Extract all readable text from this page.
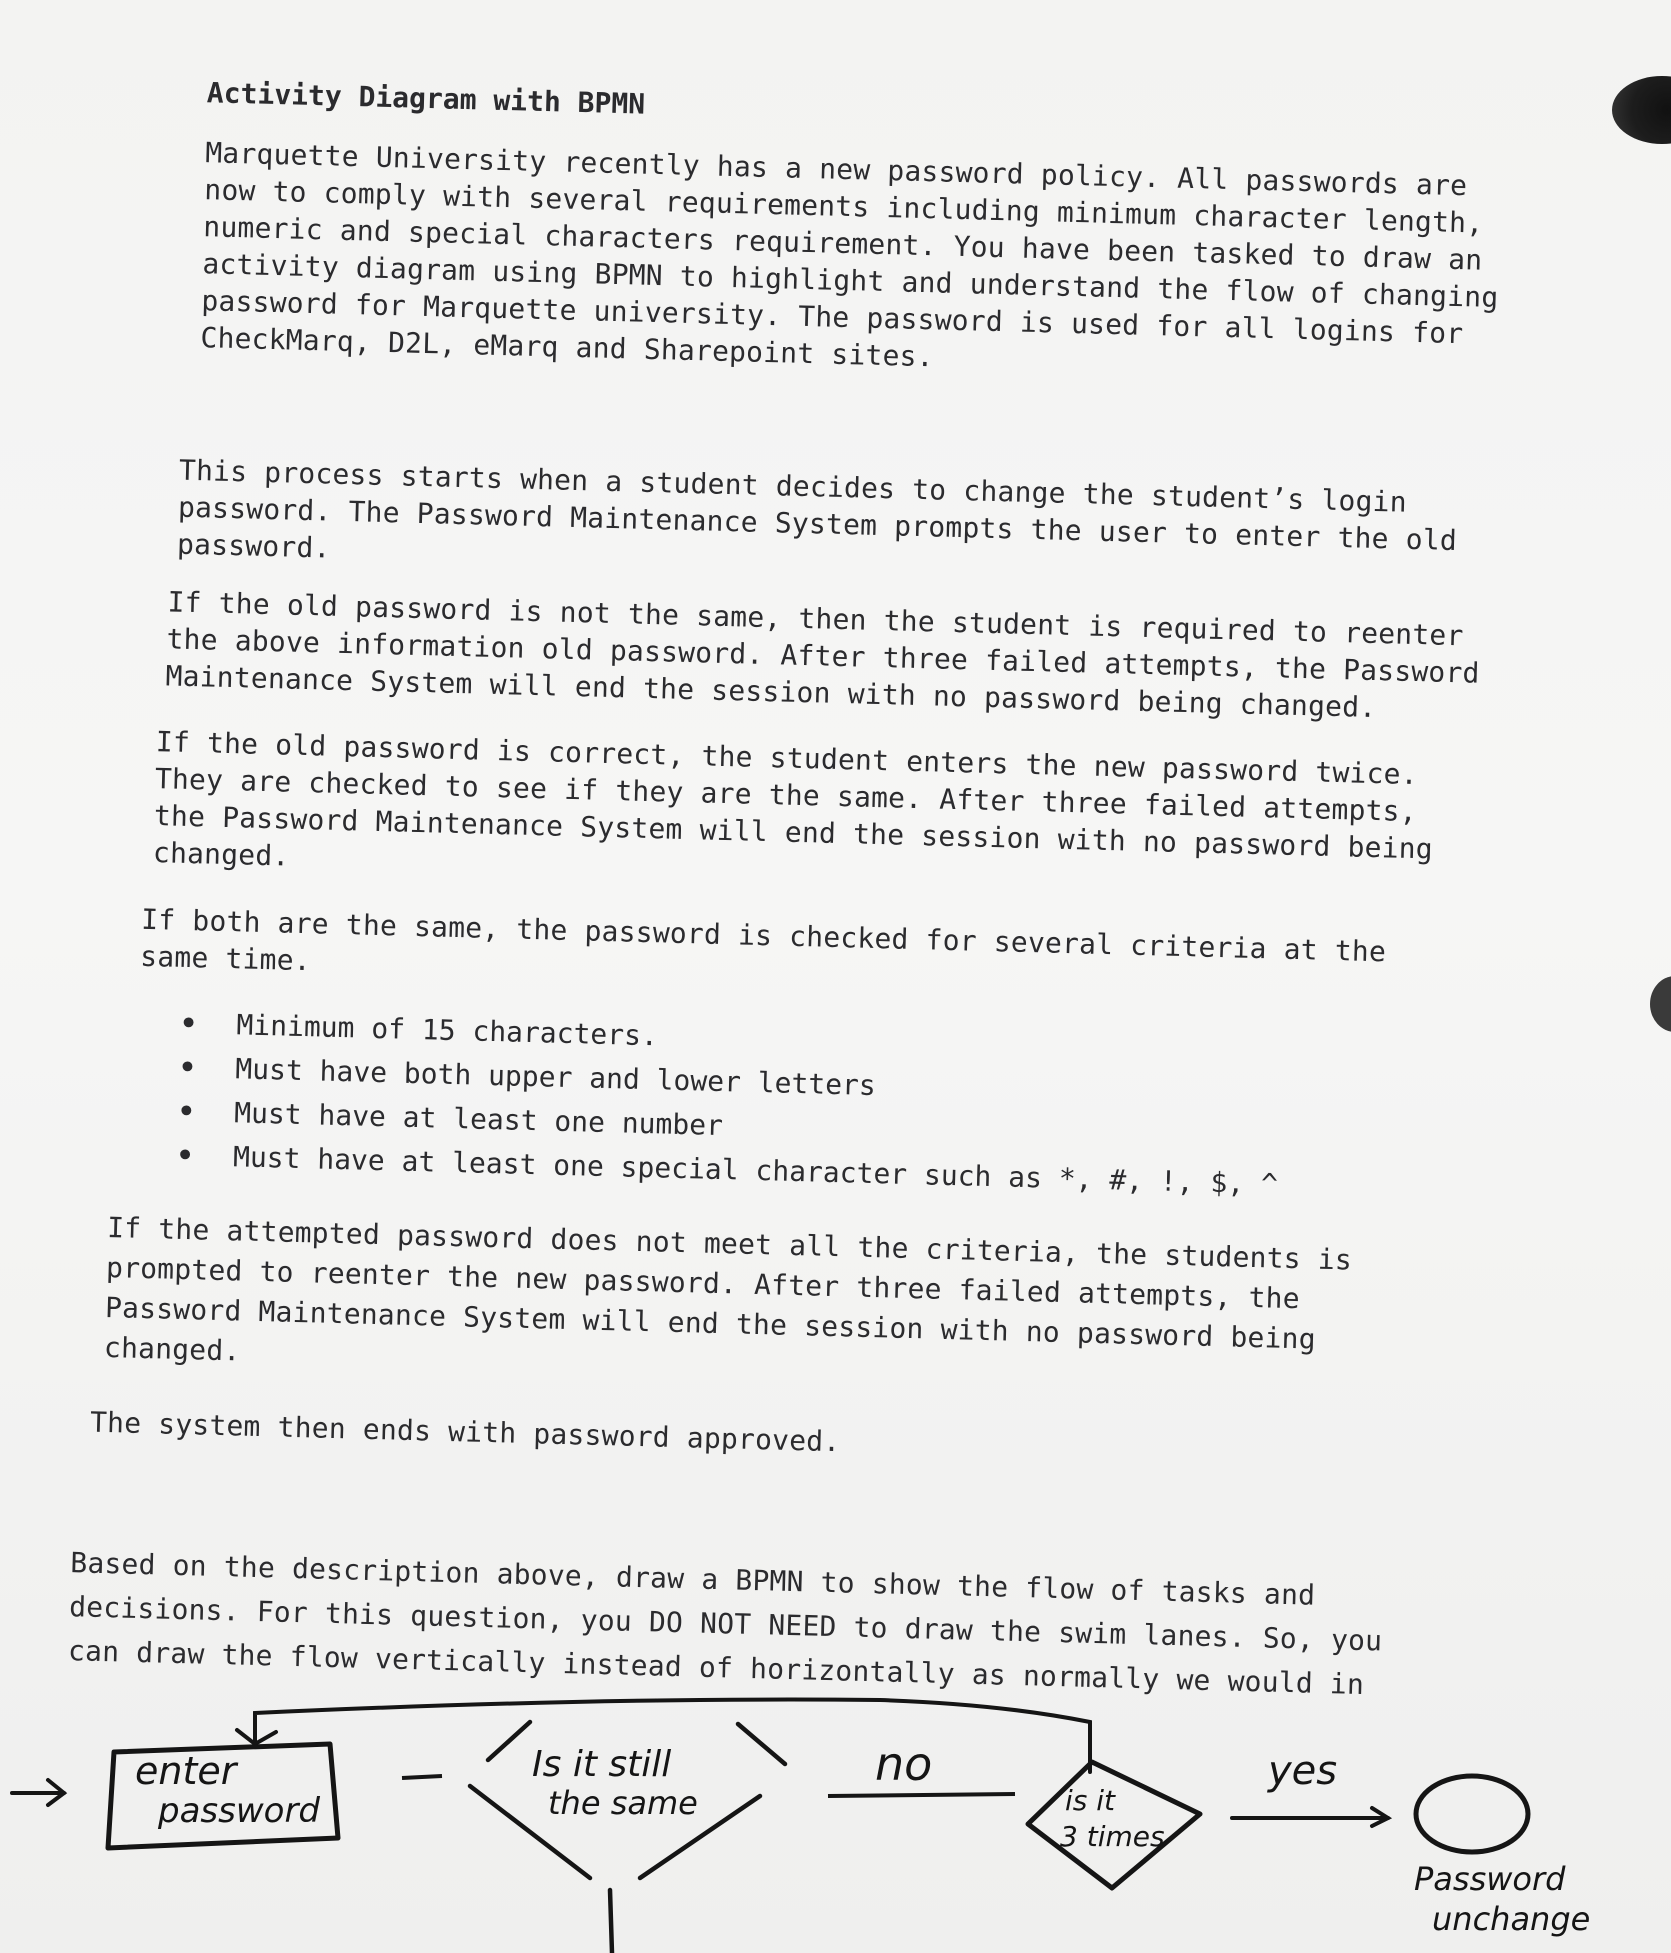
Activity Diagram with BPMN
Marquette University recently has a new password policy. All passwords are
now to comply with several requirements including minimum character length,
numeric and special characters requirement. You have been tasked to draw an
activity diagram using BPMN to highlight and understand the flow of changing
password for Marquette university. The password is used for all logins for
CheckMarq, D2L, eMarq and Sharepoint sites.
This process starts when a student decides to change the student’s login
password. The Password Maintenance System prompts the user to enter the old
password.
If the old password is not the same, then the student is required to reenter
the above information old password. After three failed attempts, the Password
Maintenance System will end the session with no password being changed.
If the old password is correct, the student enters the new password twice.
They are checked to see if they are the same. After three failed attempts,
the Password Maintenance System will end the session with no password being
changed.
If both are the same, the password is checked for several criteria at the
same time.
• Minimum of 15 characters.
• Must have both upper and lower letters
• Must have at least one number
• Must have at least one special character such as *, #, !, $, ^
If the attempted password does not meet all the criteria, the students is
prompted to reenter the new password. After three failed attempts, the
Password Maintenance System will end the session with no password being
changed.
The system then ends with password approved.
Based on the description above, draw a BPMN to show the flow of tasks and
decisions. For this question, you DO NOT NEED to draw the swim lanes. So, you
can draw the flow vertically instead of horizontally as normally we would in
enter
password
Is it still
the same
no
is it
3 times
yes
Password
unchange
